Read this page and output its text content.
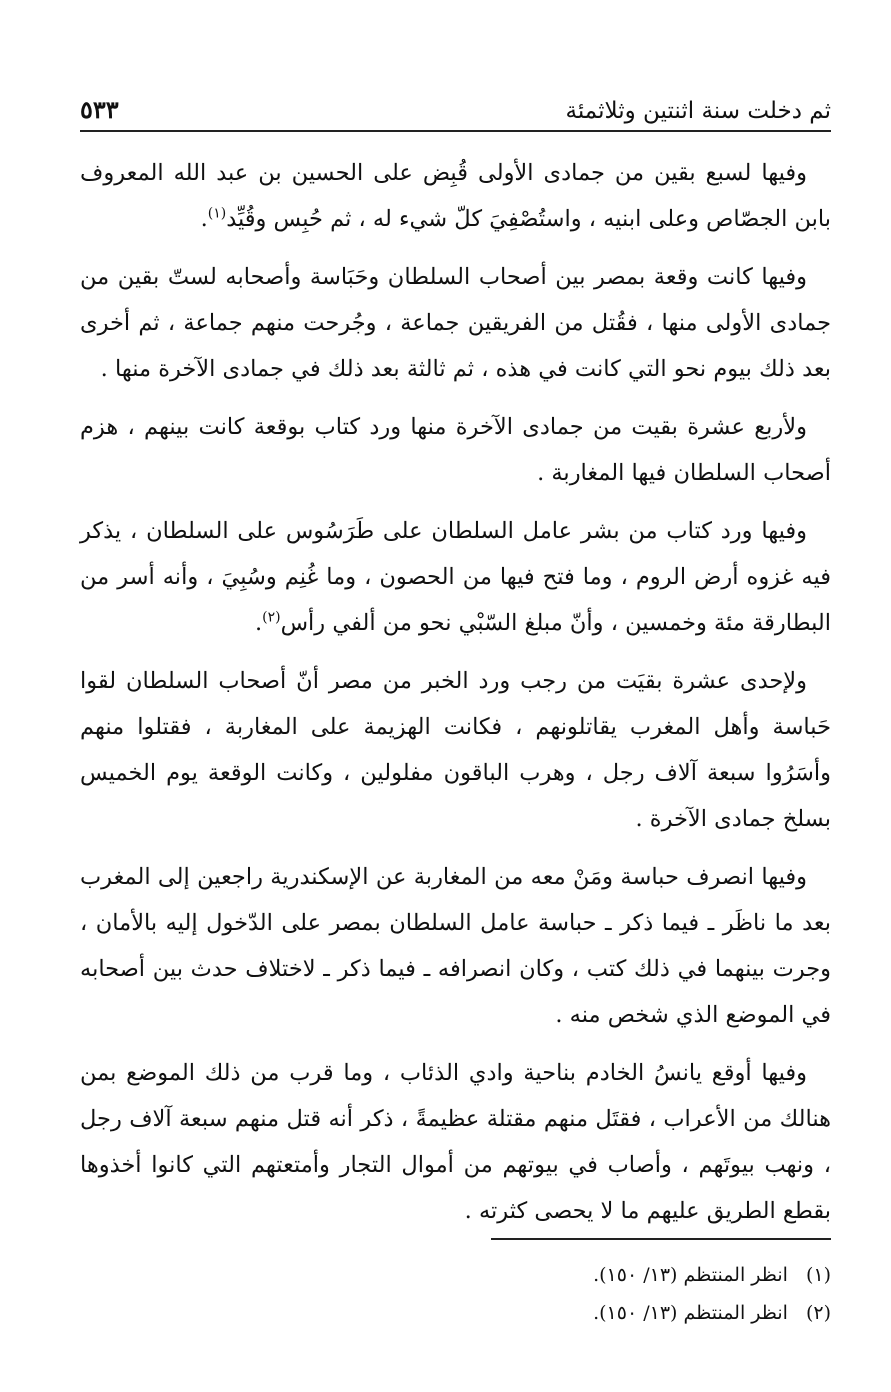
ثم دخلت سنة اثنتين وثلاثمئة
٥٣٣

وفيها لسبع بقين من جمادى الأولى قُبِض على الحسين بن عبد الله المعروف بابن الجصّاص وعلى ابنيه ، واستُصْفِيَ كلّ شيء له ، ثم حُبِس وقُيِّد$^{(١)}$.

وفيها كانت وقعة بمصر بين أصحاب السلطان وحَبَاسة وأصحابه لستّ بقين من جمادى الأولى منها ، فقُتل من الفريقين جماعة ، وجُرحت منهم جماعة ، ثم أخرى بعد ذلك بيوم نحو التي كانت في هذه ، ثم ثالثة بعد ذلك في جمادى الآخرة منها .

ولأربع عشرة بقيت من جمادى الآخرة منها ورد كتاب بوقعة كانت بينهم ، هزم أصحاب السلطان فيها المغاربة .

وفيها ورد كتاب من بشر عامل السلطان على طَرَسُوس على السلطان ، يذكر فيه غزوه أرض الروم ، وما فتح فيها من الحصون ، وما غُنِم وسُبِيَ ، وأنه أسر من البطارقة مئة وخمسين ، وأنّ مبلغ السّبْي نحو من ألفي رأس$^{(٢)}$.

ولإحدى عشرة بقيَت من رجب ورد الخبر من مصر أنّ أصحاب السلطان لقوا حَباسة وأهل المغرب يقاتلونهم ، فكانت الهزيمة على المغاربة ، فقتلوا منهم وأسَرُوا سبعة آلاف رجل ، وهرب الباقون مفلولين ، وكانت الوقعة يوم الخميس بسلخ جمادى الآخرة .

وفيها انصرف حباسة ومَنْ معه من المغاربة عن الإسكندرية راجعين إلى المغرب بعد ما ناظَر ـ فيما ذكر ـ حباسة عامل السلطان بمصر على الدّخول إليه بالأمان ، وجرت بينهما في ذلك كتب ، وكان انصرافه ـ فيما ذكر ـ لاختلاف حدث بين أصحابه في الموضع الذي شخص منه .

وفيها أوقع يانسُ الخادم بناحية وادي الذئاب ، وما قرب من ذلك الموضع بمن هنالك من الأعراب ، فقتَل منهم مقتلة عظيمةً ، ذكر أنه قتل منهم سبعة آلاف رجل ، ونهب بيوتَهم ، وأصاب في بيوتهم من أموال التجار وأمتعتهم التي كانوا أخذوها بقطع الطريق عليهم ما لا يحصى كثرته .

(١)
انظر المنتظم (١٣/ ١٥٠).
(٢)
انظر المنتظم (١٣/ ١٥٠).
